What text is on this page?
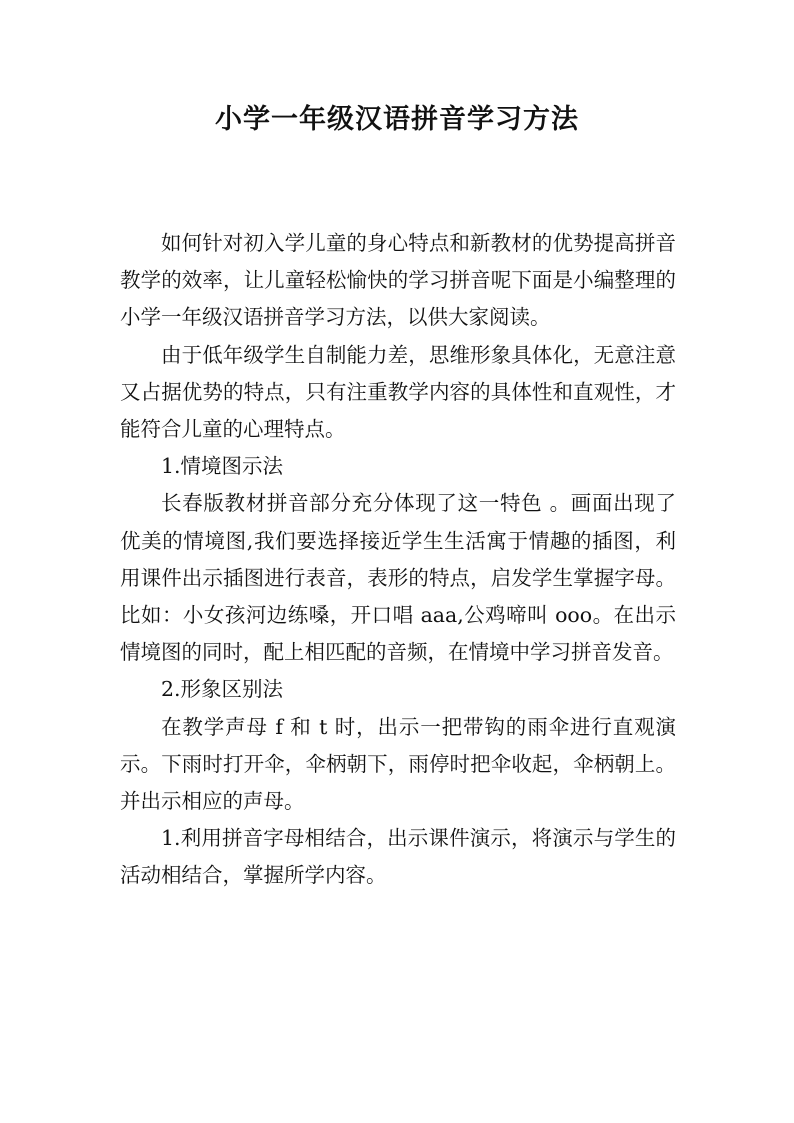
小学一年级汉语拼音学习方法

如何针对初入学儿童的身心特点和新教材的优势提高拼音教学的效率，让儿童轻松愉快的学习拼音呢下面是小编整理的小学一年级汉语拼音学习方法，以供大家阅读。

由于低年级学生自制能力差，思维形象具体化，无意注意又占据优势的特点，只有注重教学内容的具体性和直观性，才能符合儿童的心理特点。

1.情境图示法

长春版教材拼音部分充分体现了这一特色 。画面出现了优美的情境图,我们要选择接近学生生活寓于情趣的插图，利用课件出示插图进行表音，表形的特点，启发学生掌握字母。比如：小女孩河边练嗓，开口唱 aaa,公鸡啼叫 ooo。在出示情境图的同时，配上相匹配的音频，在情境中学习拼音发音。

2.形象区别法

在教学声母 f 和 t 时，出示一把带钩的雨伞进行直观演示。下雨时打开伞，伞柄朝下，雨停时把伞收起，伞柄朝上。并出示相应的声母。

1.利用拼音字母相结合，出示课件演示，将演示与学生的活动相结合，掌握所学内容。
